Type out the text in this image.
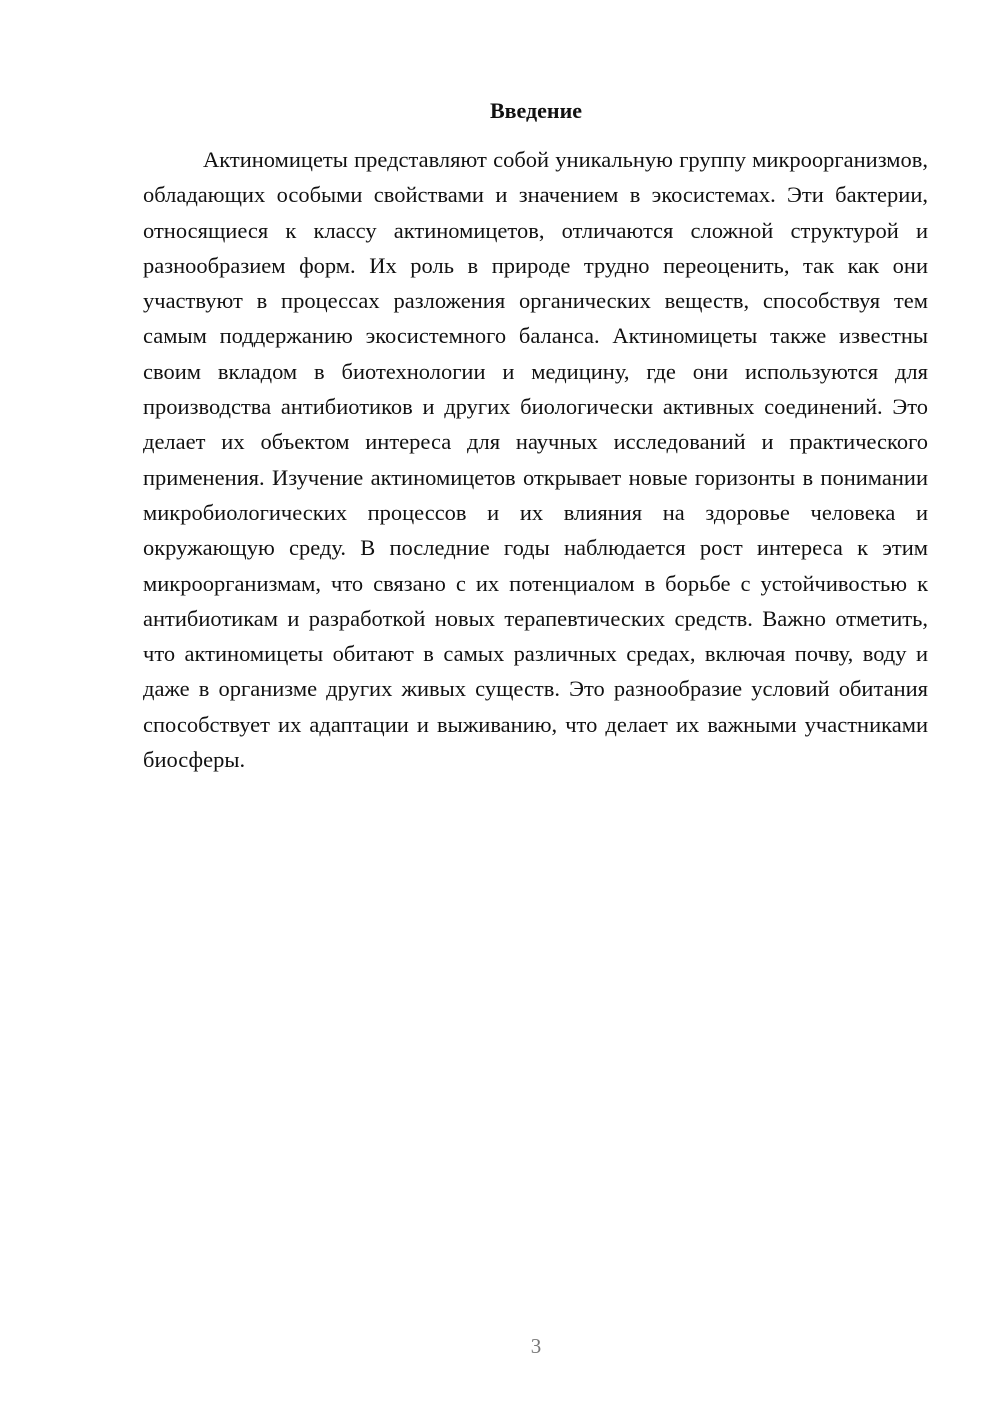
Введение

Актиномицеты представляют собой уникальную группу микроорганизмов, обладающих особыми свойствами и значением в экосистемах. Эти бактерии, относящиеся к классу актиномицетов, отличаются сложной структурой и разнообразием форм. Их роль в природе трудно переоценить, так как они участвуют в процессах разложения органических веществ, способствуя тем самым поддержанию экосистемного баланса. Актиномицеты также известны своим вкладом в биотехнологии и медицину, где они используются для производства антибиотиков и других биологически активных соединений. Это делает их объектом интереса для научных исследований и практического применения. Изучение актиномицетов открывает новые горизонты в понимании микробиологических процессов и их влияния на здоровье человека и окружающую среду. В последние годы наблюдается рост интереса к этим микроорганизмам, что связано с их потенциалом в борьбе с устойчивостью к антибиотикам и разработкой новых терапевтических средств. Важно отметить, что актиномицеты обитают в самых различных средах, включая почву, воду и даже в организме других живых существ. Это разнообразие условий обитания способствует их адаптации и выживанию, что делает их важными участниками биосферы.

3
